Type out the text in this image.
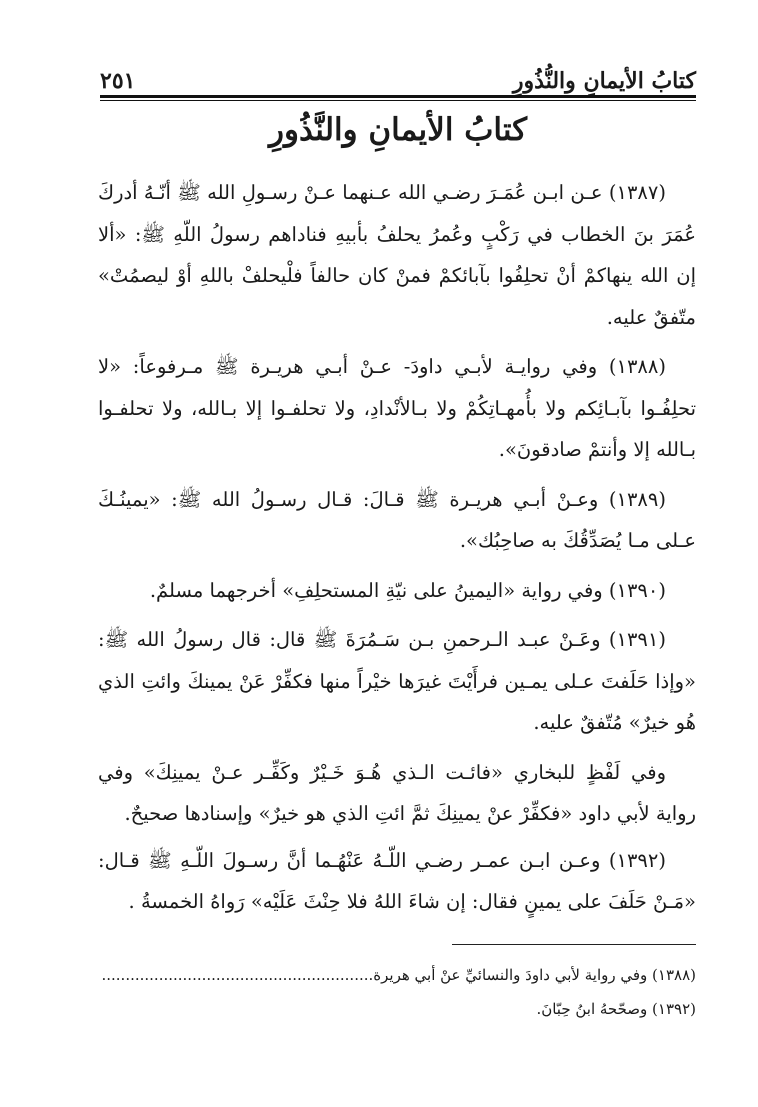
٢٥١	كتابُ الأيمانِ والنُّذُورِ
كتابُ الأيمانِ والنَّذُورِ

(١٣٨٧) عـن ابـن عُمَـرَ رضـي الله عـنهما عـنْ رسـولِ الله ﷺ أنّـهُ أدركَ عُمَرَ بنَ الخطاب في رَكْبٍ وعُمرُ يحلفُ بأبيهِ فناداهم رسولُ اللّهِ ﷺ: «ألا إن الله ينهاكمْ أنْ تحلِفُوا بآبائكمْ فمنْ كان حالفاً فلْيحلفْ باللهِ أوْ ليصمُتْ» متّفقٌ عليه.

(١٣٨٨) وفي روايـة لأبـي داودَ- عـنْ أبـي هريـرة ﷺ مـرفوعاً: «لا تحلِفُـوا بآبـائِكم ولا بأُمهـاتِكُمْ ولا بـالأنْدادِ، ولا تحلفـوا إلا بـالله، ولا تحلفـوا بـالله إلا وأنتمْ صادقونَ».

(١٣٨٩) وعـنْ أبـي هريـرة ﷺ قـالَ: قـال رسـولُ الله ﷺ: «يمينُـكَ عـلى مـا يُصَدِّقُكَ به صاحِبُك».

(١٣٩٠) وفي رواية «اليمينُ على نيّةِ المستحلِفِ» أخرجهما مسلمٌ.

(١٣٩١) وعَـنْ عبـد الـرحمنِ بـن سَـمُرَةَ ﷺ قال: قال رسولُ الله ﷺ: «وإذا حَلَفتَ عـلى يمـين فرأَيْتَ غيرَها خيْراً منها فكفِّرْ عَنْ يمينكَ وائتِ الذي هُو خيرٌ» مُتّفقٌ عليه.

وفي لَفْظٍ للبخاري «فائـت الـذي هُـوَ خَـيْرٌ وكَفِّـر عـنْ يمينِكَ» وفي رواية لأبي داود «فكفِّرْ عنْ يمينِكَ ثمَّ ائتِ الذي هو خيرٌ» وإسنادها صحيحٌ.

(١٣٩٢) وعـن ابـن عمـر رضـي اللّـهُ عَنْهُـما أنَّ رسـولَ اللّـهِ ﷺ قـال: «مَـنْ حَلَفَ على يمينٍ فقال: إن شاءَ اللهُ فلا حِنْثَ عَلَيْه» رَواهُ الخمسةُ .

(١٣٨٨) وفي رواية لأبي داودَ والنسائيِّ عنْ أبي هريرة.........................................................

(١٣٩٢) وصحّحهُ ابنُ حِبّانَ.
